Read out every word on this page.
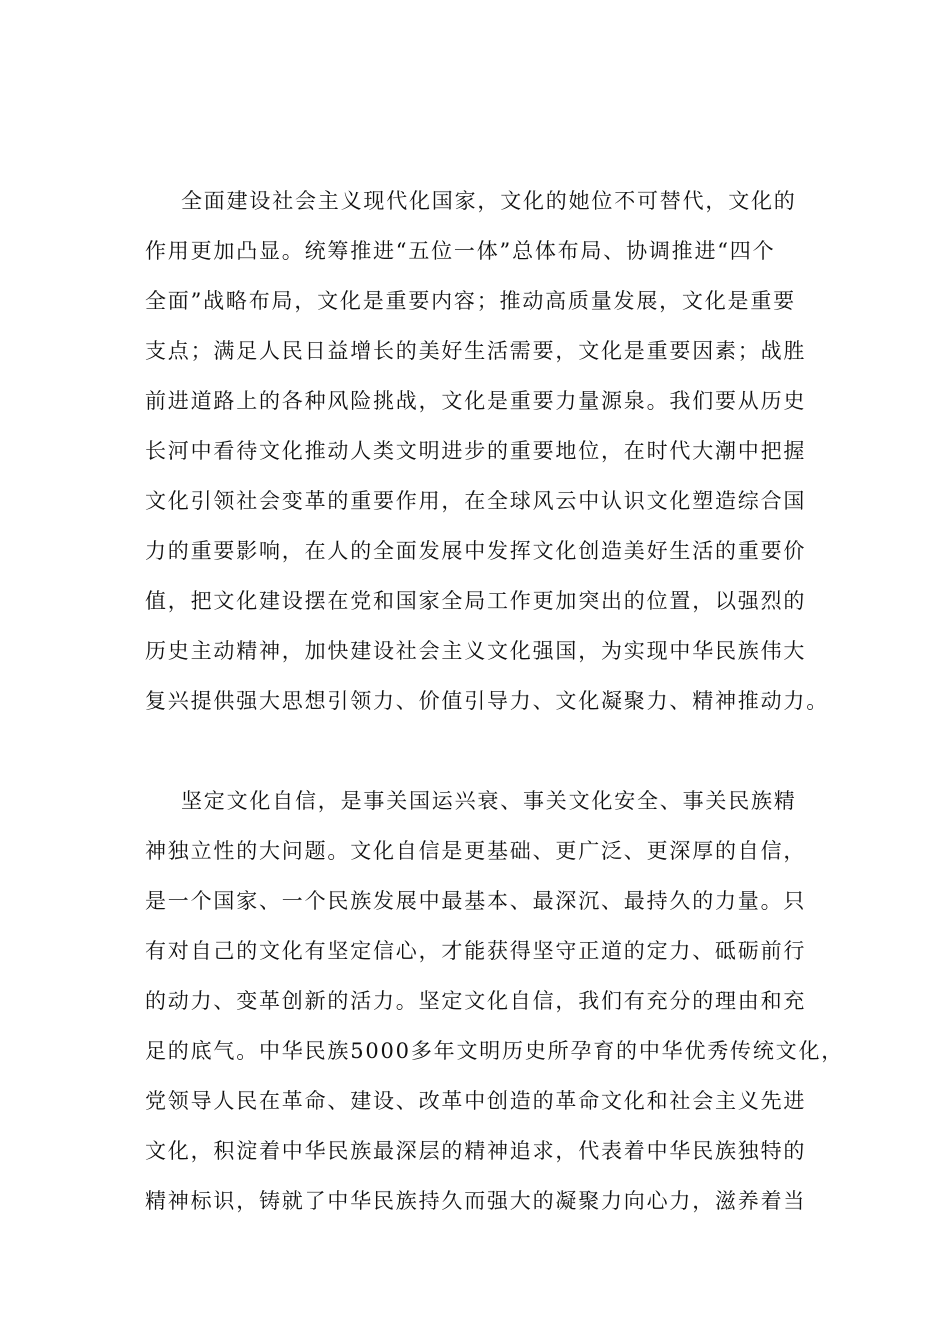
全面建设社会主义现代化国家，文化的她位不可替代，文化的
作用更加凸显。统筹推进“五位一体”总体布局、协调推进“四个
全面”战略布局，文化是重要内容；推动高质量发展，文化是重要
支点；满足人民日益增长的美好生活需要，文化是重要因素；战胜
前进道路上的各种风险挑战，文化是重要力量源泉。我们要从历史
长河中看待文化推动人类文明进步的重要地位，在时代大潮中把握
文化引领社会变革的重要作用，在全球风云中认识文化塑造综合国
力的重要影响，在人的全面发展中发挥文化创造美好生活的重要价
值，把文化建设摆在党和国家全局工作更加突出的位置，以强烈的
历史主动精神，加快建设社会主义文化强国，为实现中华民族伟大
复兴提供强大思想引领力、价值引导力、文化凝聚力、精神推动力。
坚定文化自信，是事关国运兴衰、事关文化安全、事关民族精
神独立性的大问题。文化自信是更基础、更广泛、更深厚的自信，
是一个国家、一个民族发展中最基本、最深沉、最持久的力量。只
有对自己的文化有坚定信心，才能获得坚守正道的定力、砥砺前行
的动力、变革创新的活力。坚定文化自信，我们有充分的理由和充
足的底气。中华民族5000多年文明历史所孕育的中华优秀传统文化，
党领导人民在革命、建设、改革中创造的革命文化和社会主义先进
文化，积淀着中华民族最深层的精神追求，代表着中华民族独特的
精神标识，铸就了中华民族持久而强大的凝聚力向心力，滋养着当
